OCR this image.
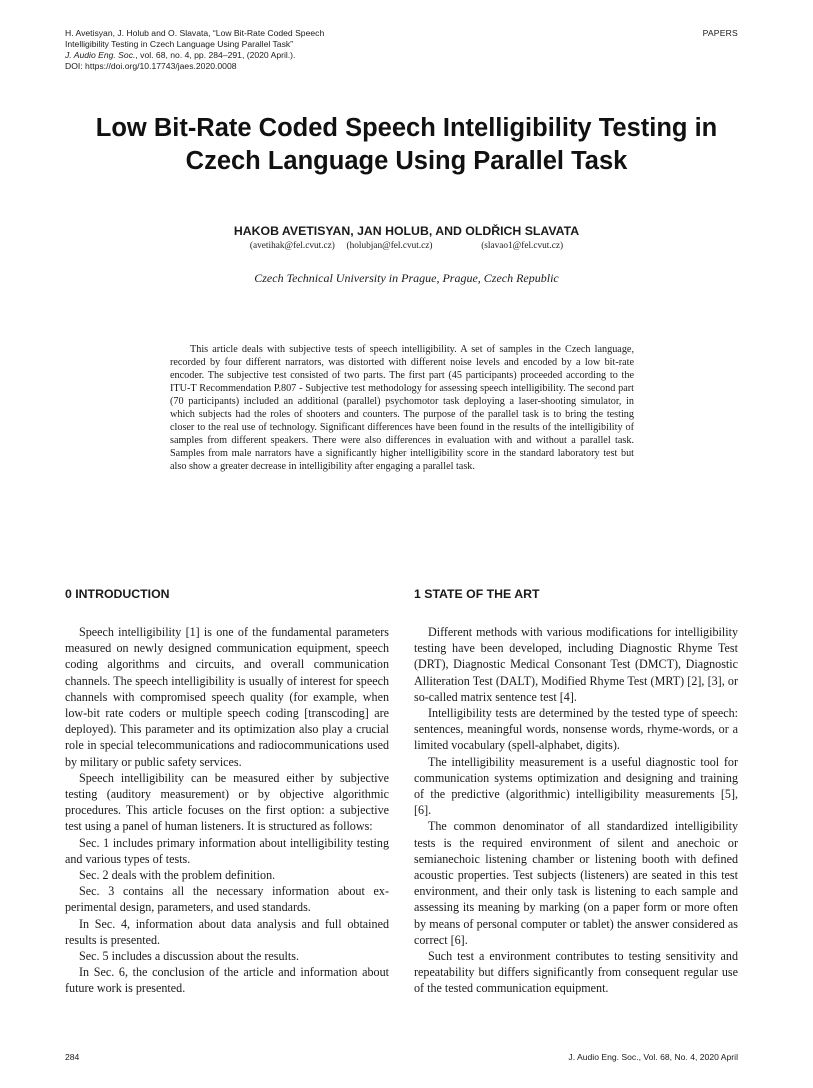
H. Avetisyan, J. Holub and O. Slavata, “Low Bit-Rate Coded Speech
Intelligibility Testing in Czech Language Using Parallel Task”
J. Audio Eng. Soc., vol. 68, no. 4, pp. 284–291, (2020 April.).
DOI: https://doi.org/10.17743/jaes.2020.0008
PAPERS
Low Bit-Rate Coded Speech Intelligibility Testing in
Czech Language Using Parallel Task
HAKOB AVETISYAN, JAN HOLUB, AND OLDŘICH SLAVATA
(avetihak@fel.cvut.cz) (holubjan@fel.cvut.cz)	(slavao1@fel.cvut.cz)
Czech Technical University in Prague, Prague, Czech Republic
This article deals with subjective tests of speech intelligibility. A set of samples in the Czech language, recorded by four different narrators, was distorted with different noise levels and encoded by a low bit-rate encoder. The subjective test consisted of two parts. The first part (45 participants) proceeded according to the ITU-T Recommendation P.807 - Subjective test methodology for assessing speech intelligibility. The second part (70 participants) included an additional (parallel) psychomotor task deploying a laser-shooting simulator, in which subjects had the roles of shooters and counters. The purpose of the parallel task is to bring the testing closer to the real use of technology. Significant differences have been found in the results of the intelligibility of samples from different speakers. There were also differences in evaluation with and without a parallel task. Samples from male narrators have a significantly higher intelligibility score in the standard laboratory test but also show a greater decrease in intelligibility after engaging a parallel task.
0 INTRODUCTION

Speech intelligibility [1] is one of the fundamental parameters measured on newly designed communication equipment, speech coding algorithms and circuits, and overall communication channels. The speech intelligibility is usually of interest for speech channels with compromised speech quality (for example, when low-bit rate coders or multiple speech coding [transcoding] are deployed). This parameter and its optimization also play a crucial role in special telecommunications and radiocommunications used by military or public safety services.

Speech intelligibility can be measured either by subjective testing (auditory measurement) or by objective algorithmic procedures. This article focuses on the first option: a subjective test using a panel of human listeners. It is structured as follows:

Sec. 1 includes primary information about intelligibility testing and various types of tests.

Sec. 2 deals with the problem definition.

Sec. 3 contains all the necessary information about experimental design, parameters, and used standards.

In Sec. 4, information about data analysis and full obtained results is presented.

Sec. 5 includes a discussion about the results.

In Sec. 6, the conclusion of the article and information about future work is presented.

1 STATE OF THE ART

Different methods with various modifications for intelligibility testing have been developed, including Diagnostic Rhyme Test (DRT), Diagnostic Medical Consonant Test (DMCT), Diagnostic Alliteration Test (DALT), Modified Rhyme Test (MRT) [2], [3], or so-called matrix sentence test [4].

Intelligibility tests are determined by the tested type of speech: sentences, meaningful words, nonsense words, rhyme-words, or a limited vocabulary (spell-alphabet, digits).

The intelligibility measurement is a useful diagnostic tool for communication systems optimization and designing and training of the predictive (algorithmic) intelligibility measurements [5], [6].

The common denominator of all standardized intelligibility tests is the required environment of silent and anechoic or semianechoic listening chamber or listening booth with defined acoustic properties. Test subjects (listeners) are seated in this test environment, and their only task is listening to each sample and assessing its meaning by marking (on a paper form or more often by means of personal computer or tablet) the answer considered as correct [6].

Such test a environment contributes to testing sensitivity and repeatability but differs significantly from consequent regular use of the tested communication equipment.

284	J. Audio Eng. Soc., Vol. 68, No. 4, 2020 April
